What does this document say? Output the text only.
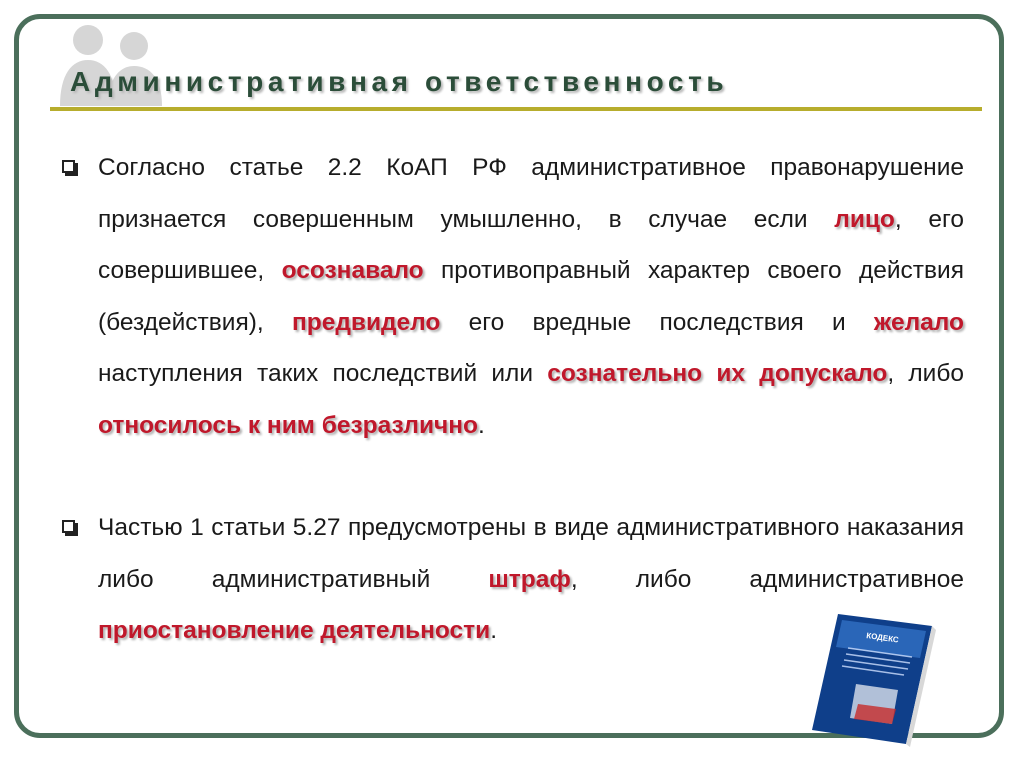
Административная ответственность
Согласно статье 2.2 КоАП РФ административное правонарушение признается совершенным умышленно, в случае если лицо, его совершившее, осознавало противоправный характер своего действия (бездействия), предвидело его вредные последствия и желало наступления таких последствий или сознательно их допускало, либо относилось к ним безразлично.
Частью 1 статьи 5.27 предусмотрены в виде административного наказания либо административный штраф, либо административное приостановление деятельности.	КОДЕКС
